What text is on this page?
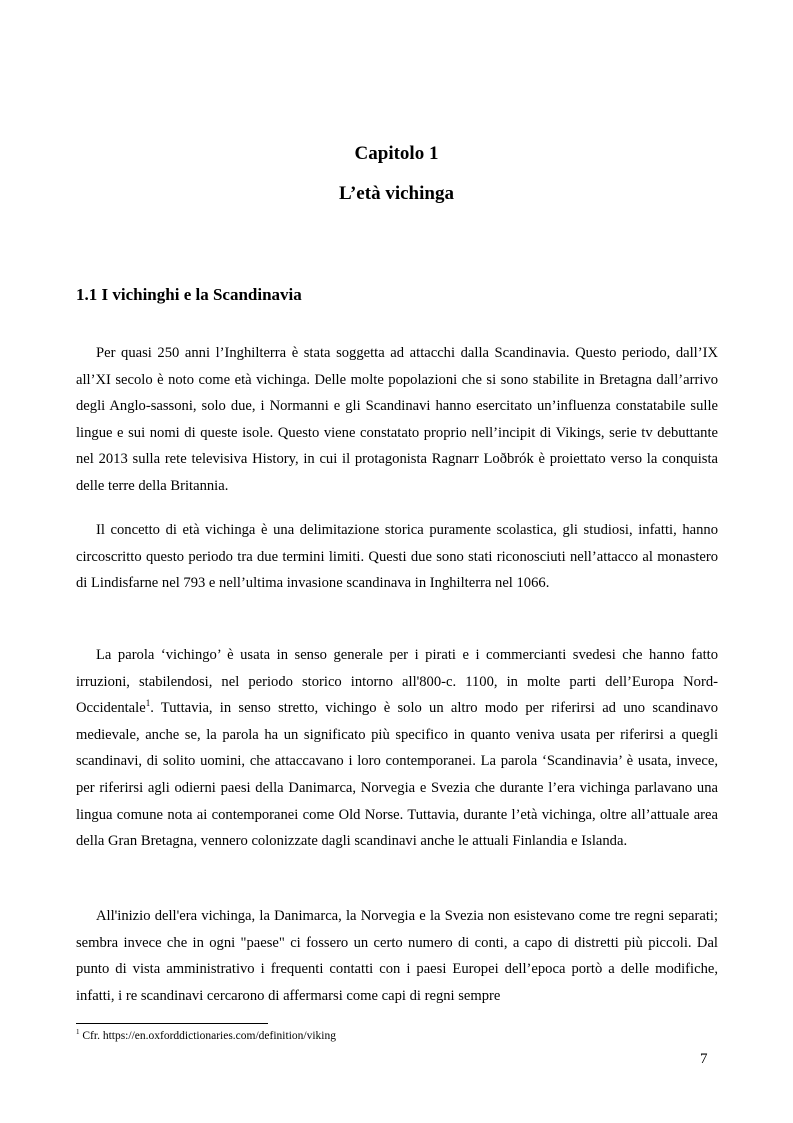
Capitolo 1
L’età vichinga
1.1 I vichinghi e la Scandinavia

Per quasi 250 anni l’Inghilterra è stata soggetta ad attacchi dalla Scandinavia. Questo periodo, dall’IX all’XI secolo è noto come età vichinga. Delle molte popolazioni che si sono stabilite in Bretagna dall’arrivo degli Anglo-sassoni, solo due, i Normanni e gli Scandinavi hanno esercitato un’influenza constatabile sulle lingue e sui nomi di queste isole. Questo viene constatato proprio nell’incipit di Vikings, serie tv debuttante nel 2013 sulla rete televisiva History, in cui il protagonista Ragnarr Loðbrók è proiettato verso la conquista delle terre della Britannia.

Il concetto di età vichinga è una delimitazione storica puramente scolastica, gli studiosi, infatti, hanno circoscritto questo periodo tra due termini limiti. Questi due sono stati riconosciuti nell’attacco al monastero di Lindisfarne nel 793 e nell’ultima invasione scandinava in Inghilterra nel 1066.

La parola ‘vichingo’ è usata in senso generale per i pirati e i commercianti svedesi che hanno fatto irruzioni, stabilendosi, nel periodo storico intorno all'800-c. 1100, in molte parti dell’Europa Nord-Occidentale$^1$. Tuttavia, in senso stretto, vichingo è solo un altro modo per riferirsi ad uno scandinavo medievale, anche se, la parola ha un significato più specifico in quanto veniva usata per riferirsi a quegli scandinavi, di solito uomini, che attaccavano i loro contemporanei. La parola ‘Scandinavia’ è usata, invece, per riferirsi agli odierni paesi della Danimarca, Norvegia e Svezia che durante l’era vichinga parlavano una lingua comune nota ai contemporanei come Old Norse. Tuttavia, durante l’età vichinga, oltre all’attuale area della Gran Bretagna, vennero colonizzate dagli scandinavi anche le attuali Finlandia e Islanda.

All'inizio dell'era vichinga, la Danimarca, la Norvegia e la Svezia non esistevano come tre regni separati; sembra invece che in ogni "paese" ci fossero un certo numero di conti, a capo di distretti più piccoli. Dal punto di vista amministrativo i frequenti contatti con i paesi Europei dell’epoca portò a delle modifiche, infatti, i re scandinavi cercarono di affermarsi come capi di regni sempre

$^1$ Cfr. https://en.oxforddictionaries.com/definition/viking
7
